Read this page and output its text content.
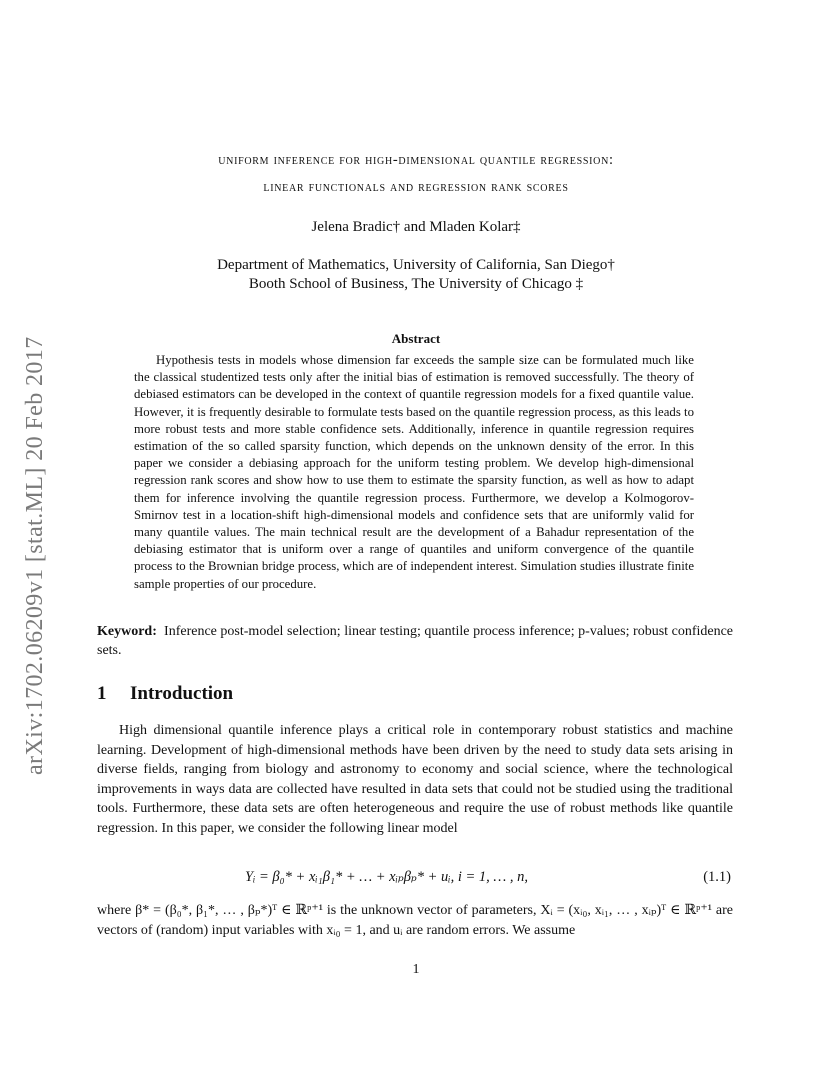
arXiv:1702.06209v1 [stat.ML] 20 Feb 2017
uniform inference for high-dimensional quantile regression:
linear functionals and regression rank scores
Jelena Bradic† and Mladen Kolar‡
Department of Mathematics, University of California, San Diego†
Booth School of Business, The University of Chicago ‡
Abstract
Hypothesis tests in models whose dimension far exceeds the sample size can be formulated much like the classical studentized tests only after the initial bias of estimation is removed successfully. The theory of debiased estimators can be developed in the context of quantile regression models for a fixed quantile value. However, it is frequently desirable to formulate tests based on the quantile regression process, as this leads to more robust tests and more stable confidence sets. Additionally, inference in quantile regression requires estimation of the so called sparsity function, which depends on the unknown density of the error. In this paper we consider a debiasing approach for the uniform testing problem. We develop high-dimensional regression rank scores and show how to use them to estimate the sparsity function, as well as how to adapt them for inference involving the quantile regression process. Furthermore, we develop a Kolmogorov-Smirnov test in a location-shift high-dimensional models and confidence sets that are uniformly valid for many quantile values. The main technical result are the development of a Bahadur representation of the debiasing estimator that is uniform over a range of quantiles and uniform convergence of the quantile process to the Brownian bridge process, which are of independent interest. Simulation studies illustrate finite sample properties of our procedure.
Keyword: Inference post-model selection; linear testing; quantile process inference; p-values; robust confidence sets.
1 Introduction
High dimensional quantile inference plays a critical role in contemporary robust statistics and machine learning. Development of high-dimensional methods have been driven by the need to study data sets arising in diverse fields, ranging from biology and astronomy to economy and social science, where the technological improvements in ways data are collected have resulted in data sets that could not be studied using the traditional tools. Furthermore, these data sets are often heterogeneous and require the use of robust methods like quantile regression. In this paper, we consider the following linear model
Yᵢ = β₀* + xᵢ₁β₁* + … + xᵢₚβₚ* + uᵢ, i = 1, … , n,	(1.1)
where β* = (β₀*, β₁*, … , βₚ*)ᵀ ∈ ℝᵖ⁺¹ is the unknown vector of parameters, Xᵢ = (xᵢ₀, xᵢ₁, … , xᵢₚ)ᵀ ∈ ℝᵖ⁺¹ are vectors of (random) input variables with xᵢ₀ = 1, and uᵢ are random errors. We assume
1
